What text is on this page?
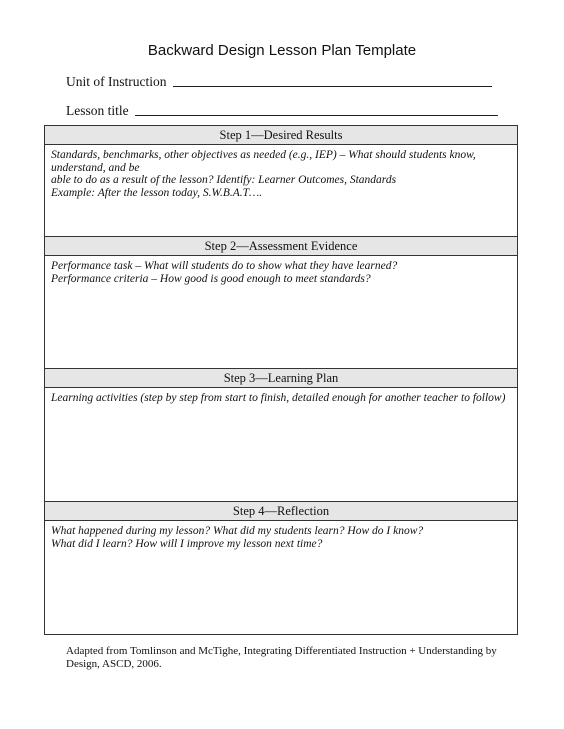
Backward Design Lesson Plan Template
Unit of Instruction
Lesson title
Step 1—Desired Results
Standards, benchmarks, other objectives as needed (e.g., IEP) – What should students know, understand, and be
able to do as a result of the lesson? Identify: Learner Outcomes, Standards
Example: After the lesson today, S.W.B.A.T….
Step 2—Assessment Evidence
Performance task – What will students do to show what they have learned?
Performance criteria – How good is good enough to meet standards?
Step 3—Learning Plan
Learning activities (step by step from start to finish, detailed enough for another teacher to follow)
Step 4—Reflection
What happened during my lesson? What did my students learn? How do I know?
What did I learn? How will I improve my lesson next time?
Adapted from Tomlinson and McTighe, Integrating Differentiated Instruction + Understanding by Design, ASCD, 2006.
